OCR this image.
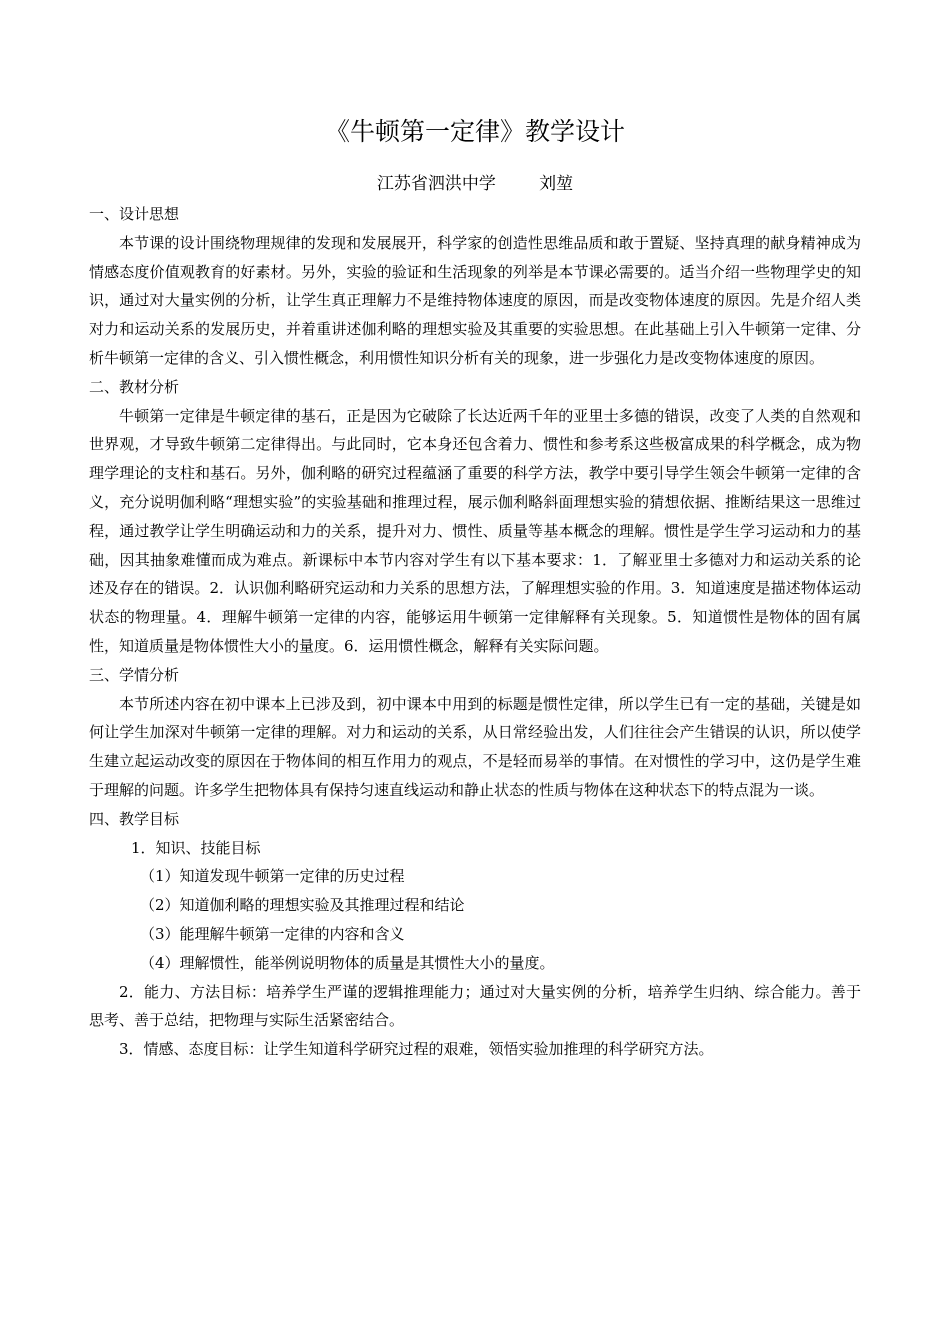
《牛顿第一定律》教学设计
江苏省泗洪中学        刘堃

一、设计思想

本节课的设计围绕物理规律的发现和发展展开，科学家的创造性思维品质和敢于置疑、坚持真理的献身精神成为情感态度价值观教育的好素材。另外，实验的验证和生活现象的列举是本节课必需要的。适当介绍一些物理学史的知识，通过对大量实例的分析，让学生真正理解力不是维持物体速度的原因，而是改变物体速度的原因。先是介绍人类对力和运动关系的发展历史，并着重讲述伽利略的理想实验及其重要的实验思想。在此基础上引入牛顿第一定律、分析牛顿第一定律的含义、引入惯性概念，利用惯性知识分析有关的现象，进一步强化力是改变物体速度的原因。

二、教材分析

牛顿第一定律是牛顿定律的基石，正是因为它破除了长达近两千年的亚里士多德的错误，改变了人类的自然观和世界观，才导致牛顿第二定律得出。与此同时，它本身还包含着力、惯性和参考系这些极富成果的科学概念，成为物理学理论的支柱和基石。另外，伽利略的研究过程蕴涵了重要的科学方法，教学中要引导学生领会牛顿第一定律的含义，充分说明伽利略“理想实验”的实验基础和推理过程，展示伽利略斜面理想实验的猜想依据、推断结果这一思维过程，通过教学让学生明确运动和力的关系，提升对力、惯性、质量等基本概念的理解。惯性是学生学习运动和力的基础，因其抽象难懂而成为难点。新课标中本节内容对学生有以下基本要求：1．了解亚里士多德对力和运动关系的论述及存在的错误。2．认识伽利略研究运动和力关系的思想方法，了解理想实验的作用。3．知道速度是描述物体运动状态的物理量。4．理解牛顿第一定律的内容，能够运用牛顿第一定律解释有关现象。5．知道惯性是物体的固有属性，知道质量是物体惯性大小的量度。6．运用惯性概念，解释有关实际问题。

三、学情分析

本节所述内容在初中课本上已涉及到，初中课本中用到的标题是惯性定律，所以学生已有一定的基础，关键是如何让学生加深对牛顿第一定律的理解。对力和运动的关系，从日常经验出发，人们往往会产生错误的认识，所以使学生建立起运动改变的原因在于物体间的相互作用力的观点，不是轻而易举的事情。在对惯性的学习中，这仍是学生难于理解的问题。许多学生把物体具有保持匀速直线运动和静止状态的性质与物体在这种状态下的特点混为一谈。

四、教学目标

1．知识、技能目标

（1）知道发现牛顿第一定律的历史过程

（2）知道伽利略的理想实验及其推理过程和结论

（3）能理解牛顿第一定律的内容和含义

（4）理解惯性，能举例说明物体的质量是其惯性大小的量度。

2．能力、方法目标：培养学生严谨的逻辑推理能力；通过对大量实例的分析，培养学生归纳、综合能力。善于思考、善于总结，把物理与实际生活紧密结合。

3．情感、态度目标：让学生知道科学研究过程的艰难，领悟实验加推理的科学研究方法。
